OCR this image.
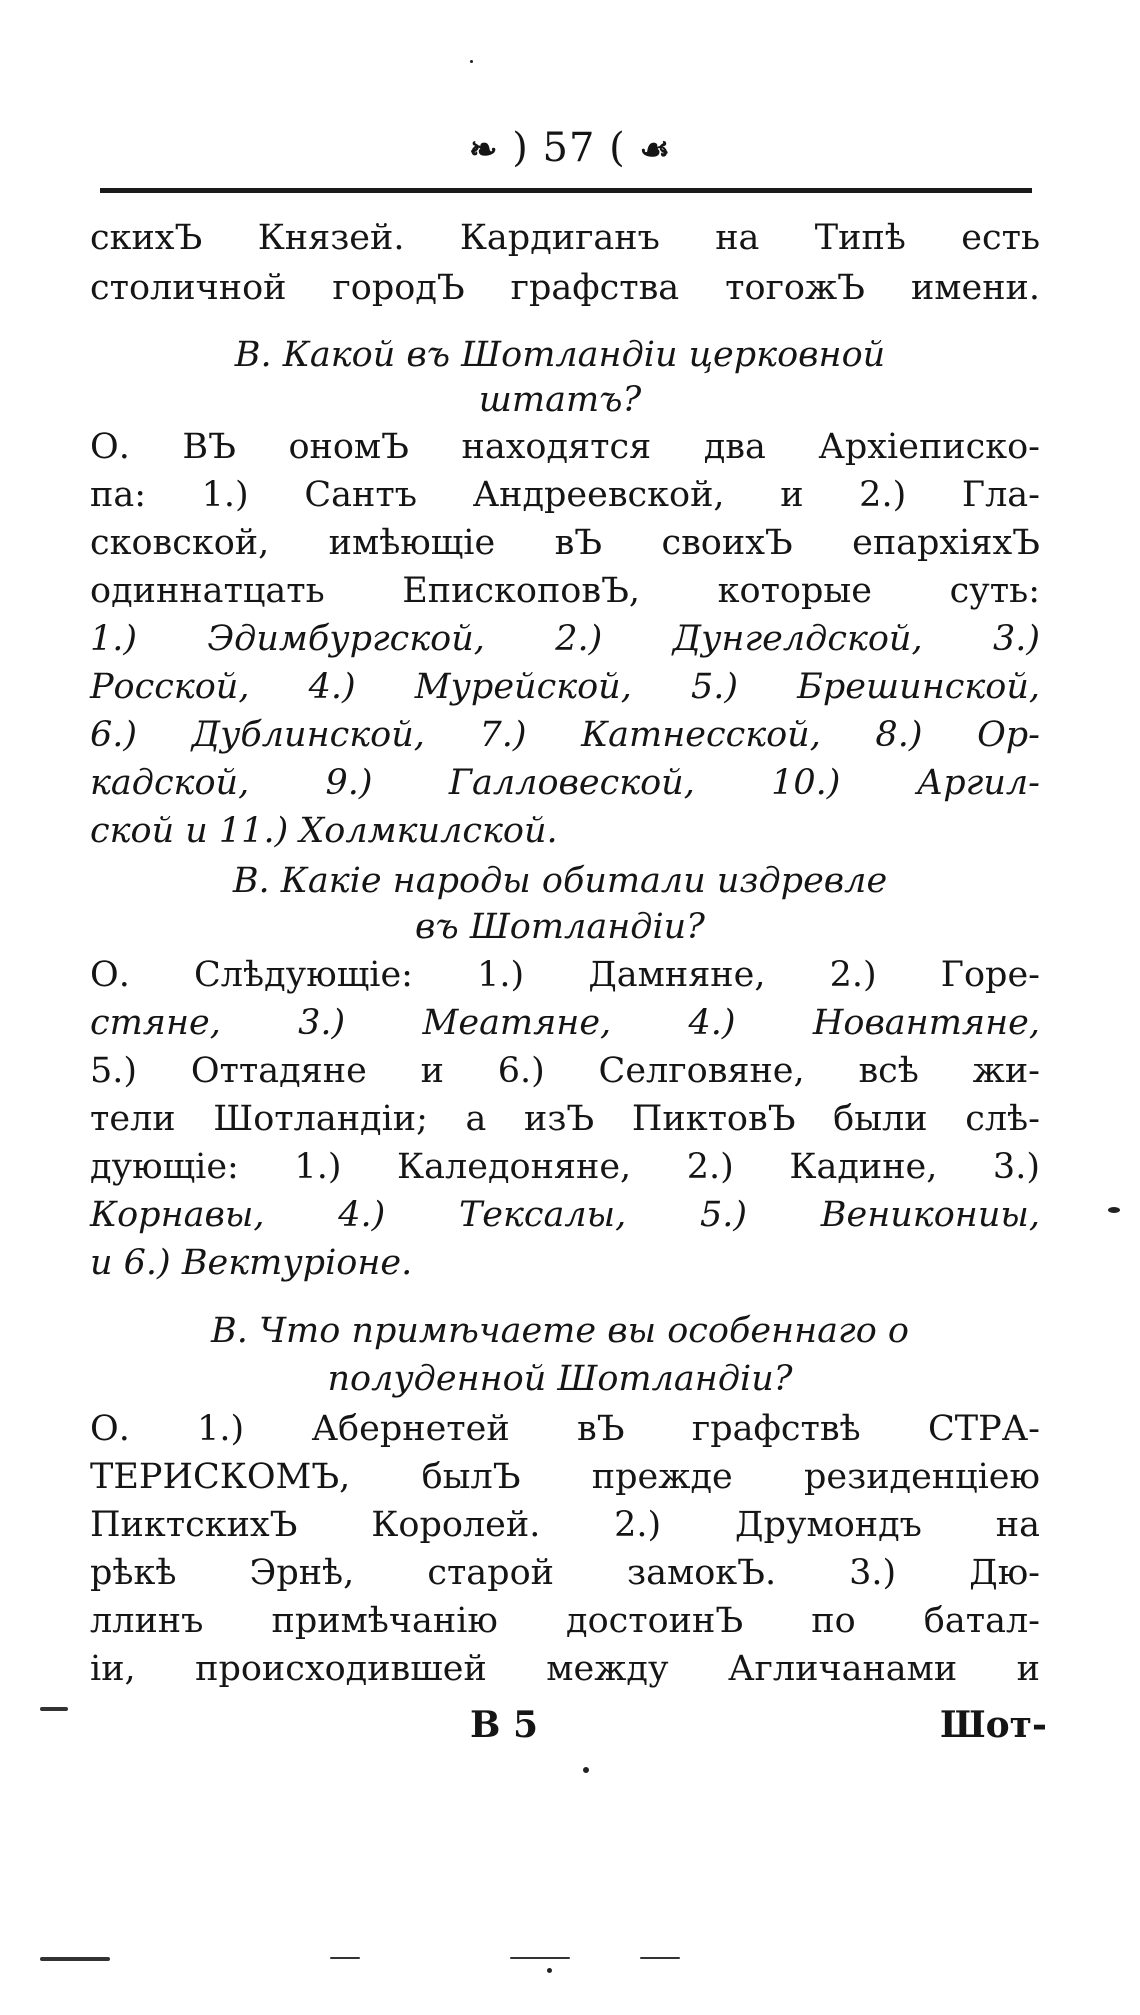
❧ ) 57 ( ☙
скихЪ Князей. Кардиганъ на Типѣ есть
столичной городЪ графства тогожЪ имени.
В. Какой въ Шотландіи церковной
штатъ?
О. ВЪ ономЪ находятся два Архіеписко-
па: 1.) Сантъ Андреевской, и 2.) Гла-
сковской, имѣющіе вЪ своихЪ епархіяхЪ
одиннатцать ЕпископовЪ, которые суть:
1.) Эдимбургской, 2.) Дунгелдской, 3.)
Росской, 4.) Мурейской, 5.) Брешинской,
6.) Дублинской, 7.) Катнесской, 8.) Ор-
кадской, 9.) Галловеской, 10.) Аргил-
ской и 11.) Холмкилской.
В. Какіе народы обитали издревле
въ Шотландіи?
О. Слѣдующіе: 1.) Дамняне, 2.) Горе-
стяне, 3.) Меатяне, 4.) Новантяне,
5.) Оттадяне и 6.) Селговяне, всѣ жи-
тели Шотландіи; а изЪ ПиктовЪ были слѣ-
дующіе: 1.) Каледоняне, 2.) Кадине, 3.)
Корнавы, 4.) Тексалы, 5.) Веникониы,
и 6.) Вектуріоне.
В. Что примѣчаете вы особеннаго о
полуденной Шотландіи?
О. 1.) Абернетей вЪ графствѣ СТРА-
ТЕРИСКОМЪ, былЪ прежде резиденціею
ПиктскихЪ Королей. 2.) Друмондъ на
рѣкѣ Эрнѣ, старой замокЪ. 3.) Дю-
ллинъ примѣчанію достоинЪ по батал-
іи, происходившей между Агличанами и
В 5	Шот-
